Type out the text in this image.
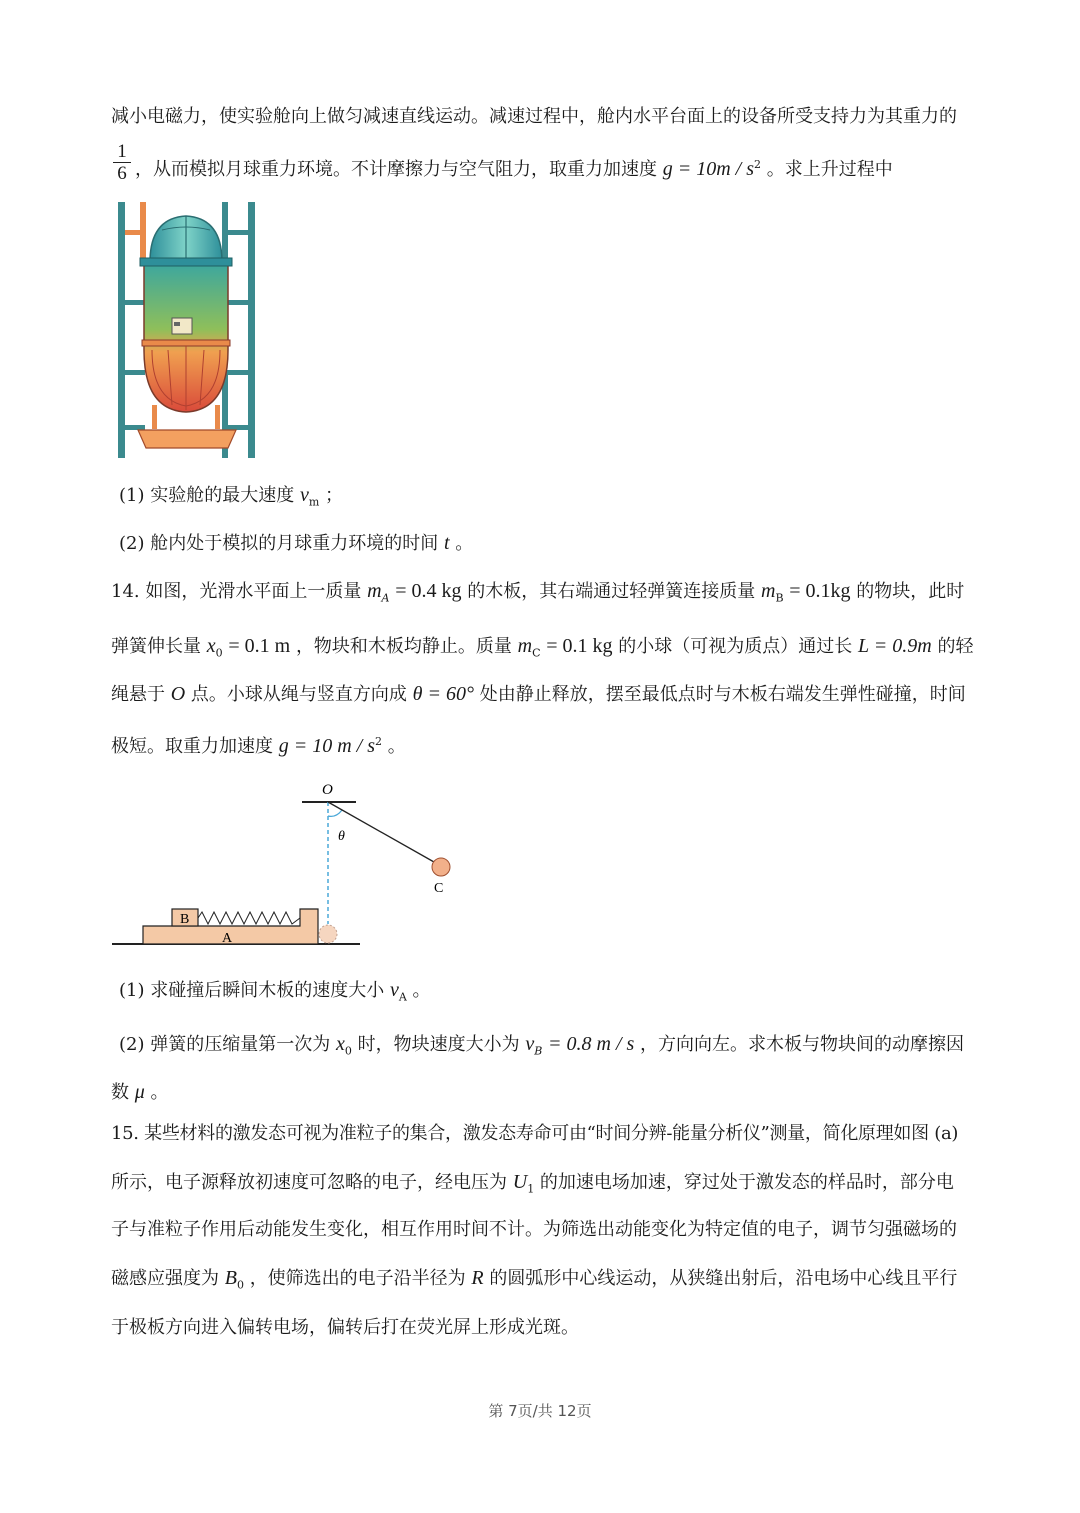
减小电磁力，使实验舱向上做匀减速直线运动。减速过程中，舱内水平台面上的设备所受支持力为其重力的
$\frac{1}{6}$ ，从而模拟月球重力环境。不计摩擦力与空气阻力，取重力加速度 $g = 10m / s^2$ 。求上升过程中
(1) 实验舱的最大速度 $v_m$ ；
(2) 舱内处于模拟的月球重力环境的时间 t 。
14. 如图，光滑水平面上一质量 $m_A = 0.4$ kg 的木板，其右端通过轻弹簧连接质量 $m_B = 0.1kg$ 的物块，此时
弹簧伸长量 $x_0 = 0.1$ m ，物块和木板均静止。质量 $m_C = 0.1$ kg 的小球（可视为质点）通过长 L = 0.9m 的轻
绳悬于 O 点。小球从绳与竖直方向成 θ = 60° 处由静止释放，摆至最低点时与木板右端发生弹性碰撞，时间
极短。取重力加速度 g = 10 m / $s^2$ 。
O
θ
C
A
B
(1) 求碰撞后瞬间木板的速度大小 $v_A$ 。
(2) 弹簧的压缩量第一次为 $x_0$ 时，物块速度大小为 $v_B = 0.8$ m / s ，方向向左。求木板与物块间的动摩擦因
数 μ 。
15. 某些材料的激发态可视为准粒子的集合，激发态寿命可由“时间分辨-能量分析仪”测量，简化原理如图 (a)
所示，电子源释放初速度可忽略的电子，经电压为 $U_1$ 的加速电场加速，穿过处于激发态的样品时，部分电
子与准粒子作用后动能发生变化，相互作用时间不计。为筛选出动能变化为特定值的电子，调节匀强磁场的
磁感应强度为 $B_0$ ，使筛选出的电子沿半径为 R 的圆弧形中心线运动，从狭缝出射后，沿电场中心线且平行
于极板方向进入偏转电场，偏转后打在荧光屏上形成光斑。
第 7页/共 12页
